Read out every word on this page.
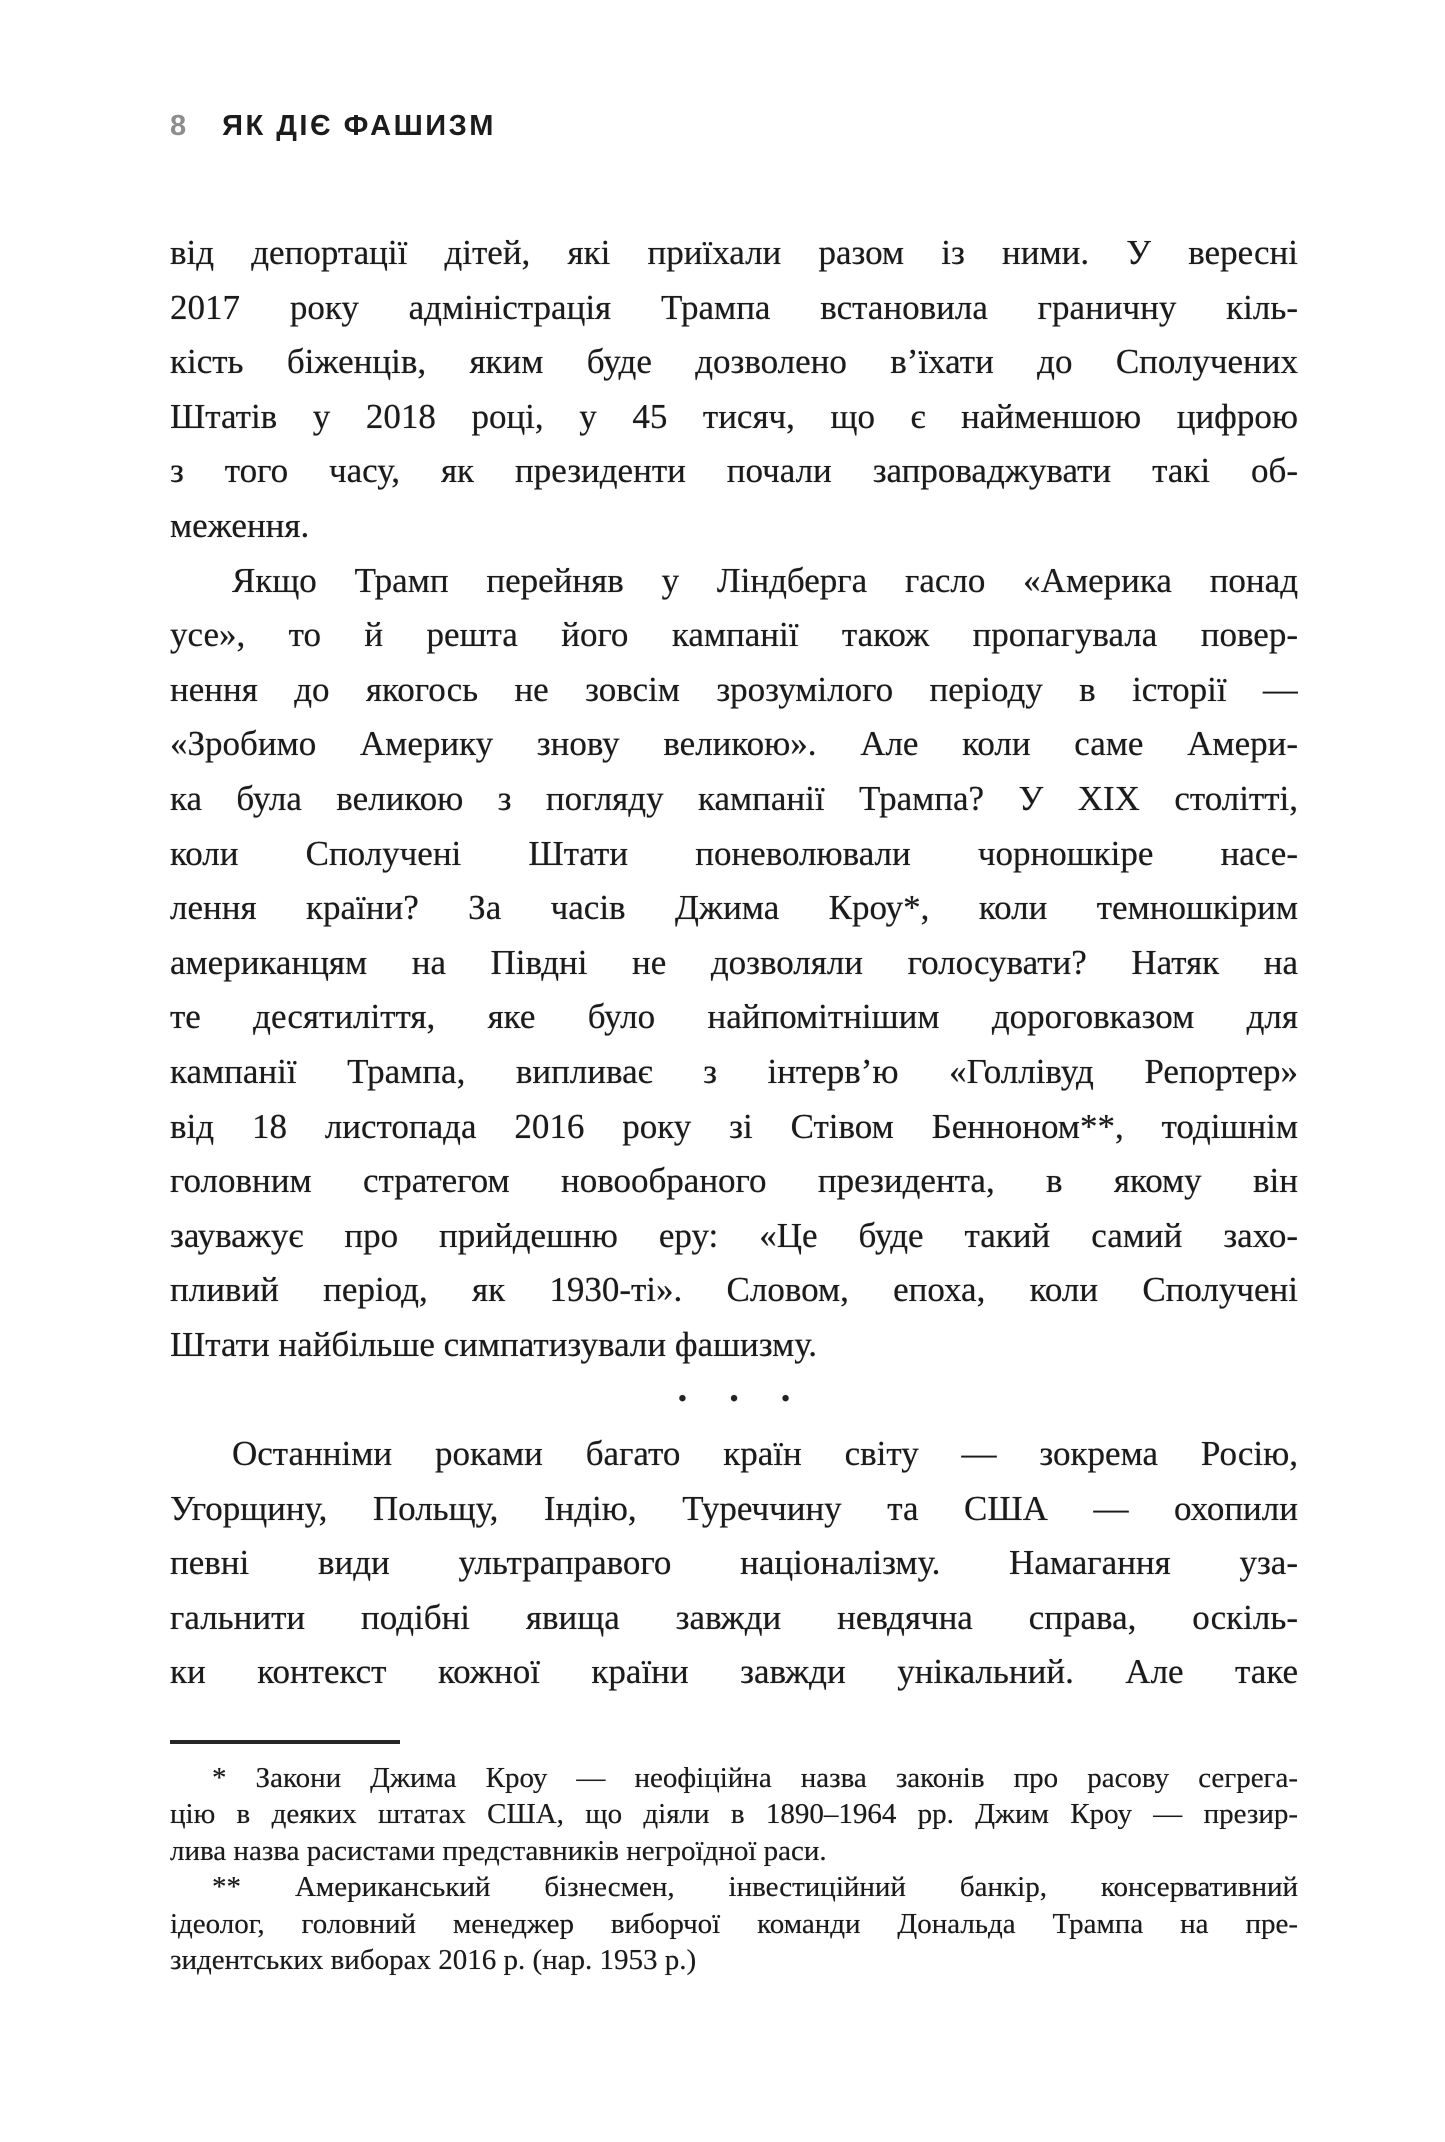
8 ЯК ДІЄ ФАШИЗМ
від депортації дітей, які приїхали разом із ними. У вересні
2017 року адміністрація Трампа встановила граничну кіль-
кість біженців, яким буде дозволено в’їхати до Сполучених
Штатів у 2018 році, у 45 тисяч, що є найменшою цифрою
з того часу, як президенти почали запроваджувати такі об-
меження.
Якщо Трамп перейняв у Ліндберга гасло «Америка понад
усе», то й решта його кампанії також пропагувала повер-
нення до якогось не зовсім зрозумілого періоду в історії —
«Зробимо Америку знову великою». Але коли саме Амери-
ка була великою з погляду кампанії Трампа? У XIX столітті,
коли Сполучені Штати поневолювали чорношкіре насе-
лення країни? За часів Джима Кроу*, коли темношкірим
американцям на Півдні не дозволяли голосувати? Натяк на
те десятиліття, яке було найпомітнішим дороговказом для
кампанії Трампа, випливає з інтерв’ю «Голлівуд Репортер»
від 18 листопада 2016 року зі Стівом Бенноном**, тодішнім
головним стратегом новообраного президента, в якому він
зауважує про прийдешню еру: «Це буде такий самий захо-
пливий період, як 1930-ті». Словом, епоха, коли Сполучені
Штати найбільше симпатизували фашизму.
• • •
Останніми роками багато країн світу — зокрема Росію,
Угорщину, Польщу, Індію, Туреччину та США — охопили
певні види ультраправого націоналізму. Намагання уза-
гальнити подібні явища завжди невдячна справа, оскіль-
ки контекст кожної країни завжди унікальний. Але таке
* Закони Джима Кроу — неофіційна назва законів про расову сегрега-
цію в деяких штатах США, що діяли в 1890–1964 рр. Джим Кроу — презир-
лива назва расистами представників негроїдної раси.
** Американський бізнесмен, інвестиційний банкір, консервативний
ідеолог, головний менеджер виборчої команди Дональда Трампа на пре-
зидентських виборах 2016 р. (нар. 1953 р.)
